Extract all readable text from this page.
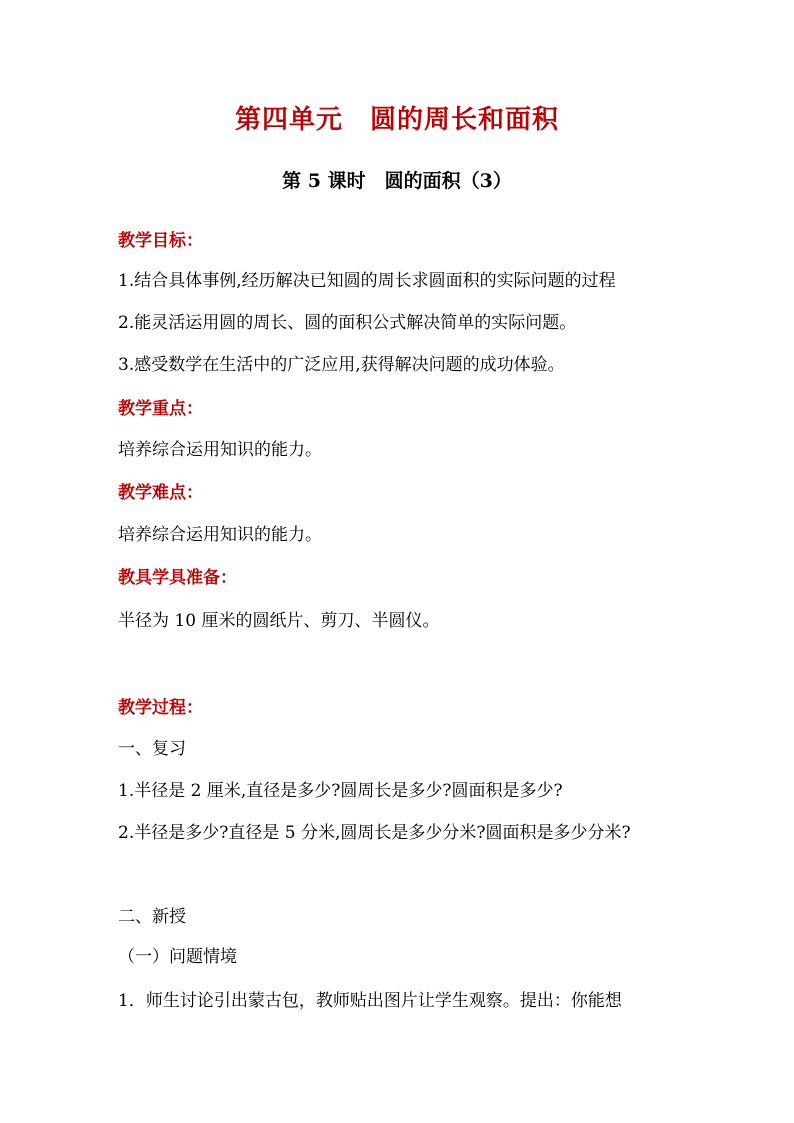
第四单元　圆的周长和面积
第 5 课时　圆的面积（3）
教学目标：
1.结合具体事例,经历解决已知圆的周长求圆面积的实际问题的过程
2.能灵活运用圆的周长、圆的面积公式解决简单的实际问题。
3.感受数学在生活中的广泛应用,获得解决问题的成功体验。
教学重点：
培养综合运用知识的能力。
教学难点：
培养综合运用知识的能力。
教具学具准备：
半径为 10 厘米的圆纸片、剪刀、半圆仪。
教学过程：
一、复习
1.半径是 2 厘米,直径是多少?圆周长是多少?圆面积是多少?
2.半径是多少?直径是 5 分米,圆周长是多少分米?圆面积是多少分米?
二、新授
（一）问题情境
1．师生讨论引出蒙古包，教师贴出图片让学生观察。提出：你能想
